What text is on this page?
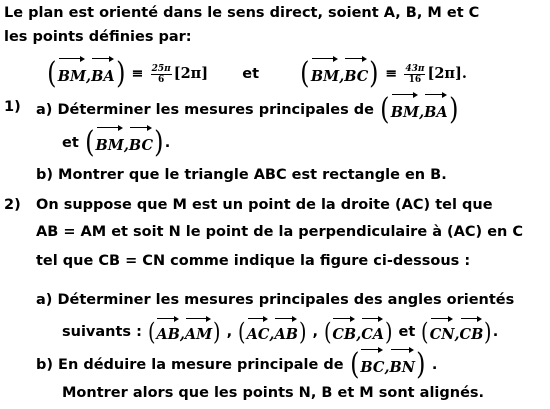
Le plan est orienté dans le sens direct, soient A, B, M et C
les points définies par:
( BM,BA ) ≡ $\frac{25\pi}{6} [2\pi]$ et ( BM,BC ) ≡ $\frac{43\pi}{16} [2\pi]$.
1) a) Déterminer les mesures principales de ( BM,BA )
et ( BM,BC ) .
b) Montrer que le triangle ABC est rectangle en B.
2) On suppose que M est un point de la droite (AC) tel que
AB = AM et soit N le point de la perpendiculaire à (AC) en C
tel que CB = CN comme indique la figure ci-dessous :
a) Déterminer les mesures principales des angles orientés
suivants : ( AB,AM ) , ( AC,AB ) , ( CB,CA ) et ( CN,CB ) .
b) En déduire la mesure principale de ( BC,BN ) .
Montrer alors que les points N, B et M sont alignés.
